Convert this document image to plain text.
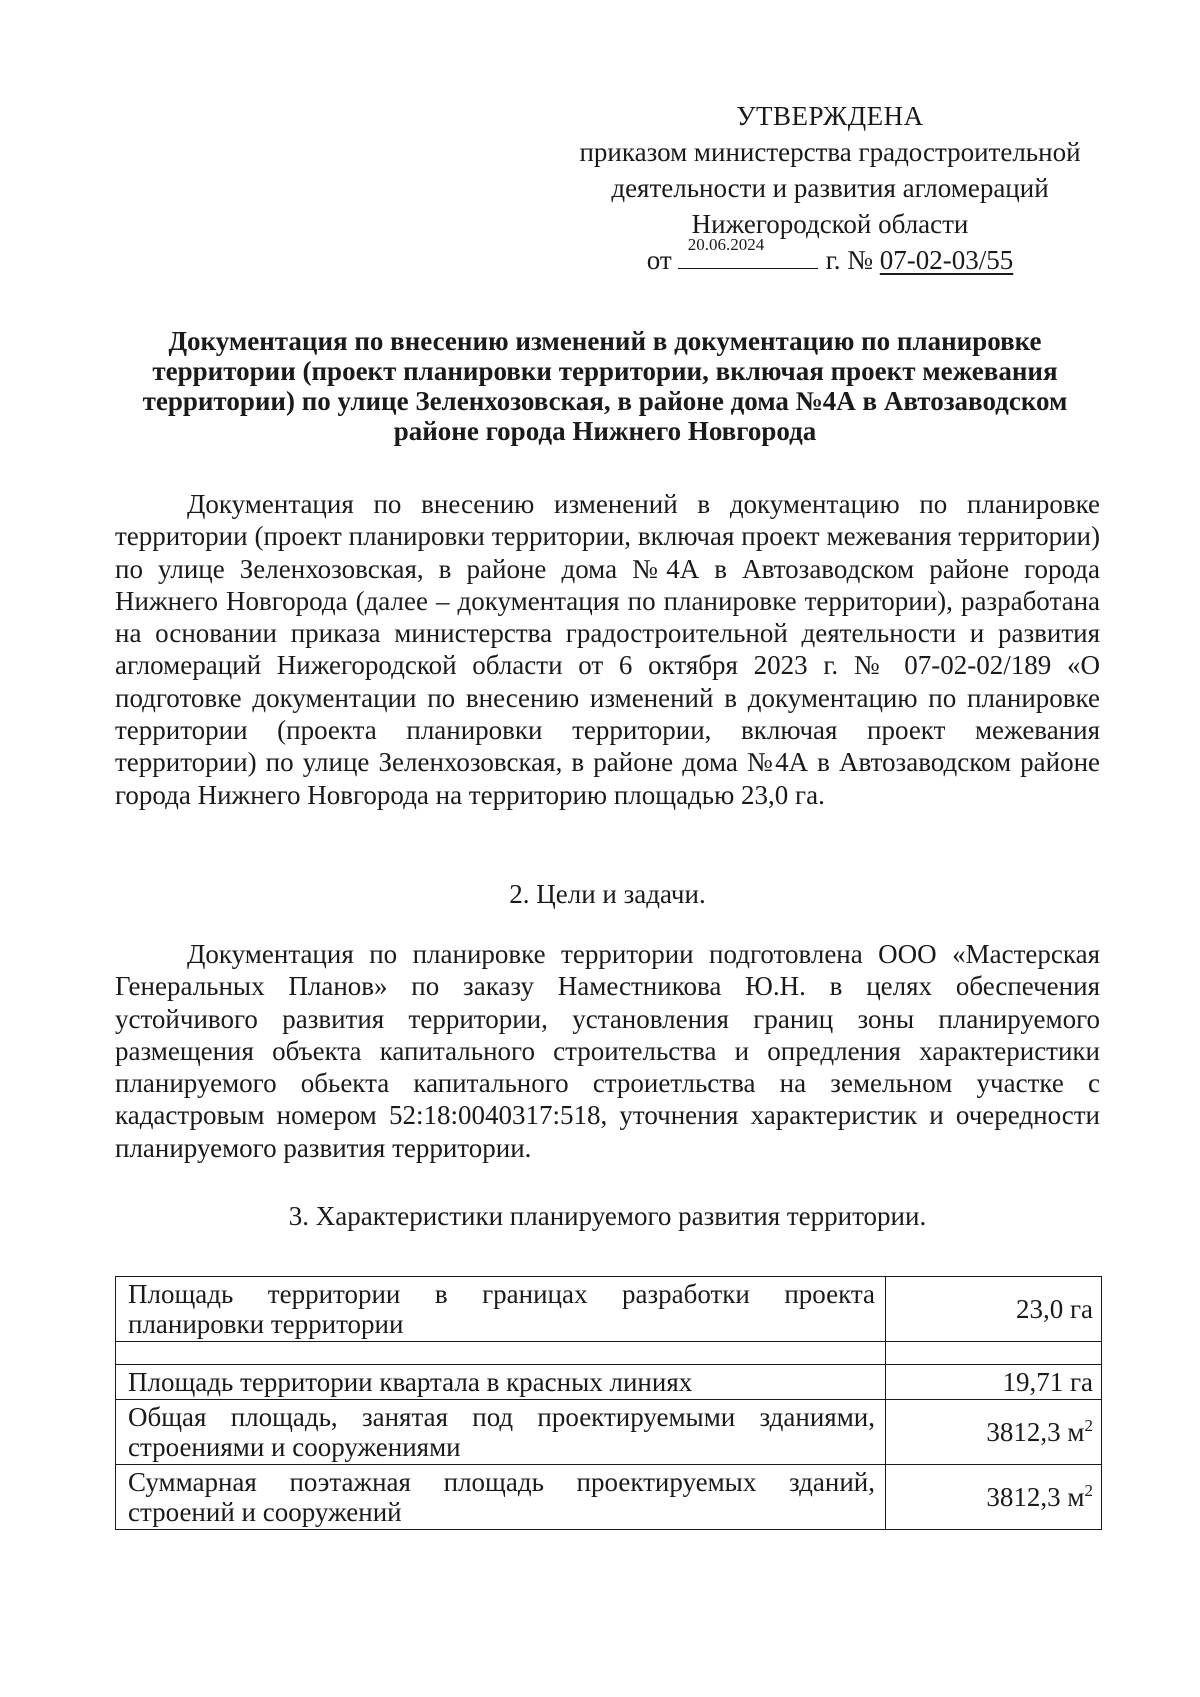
УТВЕРЖДЕНА
приказом министерства градостроительной
деятельности и развития агломераций
Нижегородской области
от
20.06.2024
г. № 07-02-03/55
Документация по внесению изменений в документацию по планировке территории (проект планировки территории, включая проект межевания территории) по улице Зеленхозовская, в районе дома №4А в Автозаводском районе города Нижнего Новгорода

Документация по внесению изменений в документацию по планировке территории (проект планировки территории, включая проект межевания территории) по улице Зеленхозовская, в районе дома №4А в Автозаводском районе города Нижнего Новгорода (далее – документация по планировке территории), разработана на основании приказа министерства градостроительной деятельности и развития агломераций Нижегородской области от 6 октября 2023 г. № 07-02-02/189 «О подготовке документации по внесению изменений в документацию по планировке территории (проекта планировки территории, включая проект межевания территории) по улице Зеленхозовская, в районе дома №4А в Автозаводском районе города Нижнего Новгорода на территорию площадью 23,0 га.

2. Цели и задачи.

Документация по планировке территории подготовлена ООО «Мастерская Генеральных Планов» по заказу Наместникова Ю.Н. в целях обеспечения устойчивого развития территории, установления границ зоны планируемого размещения объекта капитального строительства и опредления характеристики планируемого обьекта капитального строиетльства на земельном участке с кадастровым номером 52:18:0040317:518, уточнения характеристик и очередности планируемого развития территории.

3. Характеристики планируемого развития территории.

Площадь территории в границах разработки проекта планировки территории	23,0 га

Площадь территории квартала в красных линиях	19,71 га
Общая площадь, занятая под проектируемыми зданиями, строениями и сооружениями	3812,3 $м^2$
Суммарная поэтажная площадь проектируемых зданий, строений и сооружений	3812,3 $м^2$
